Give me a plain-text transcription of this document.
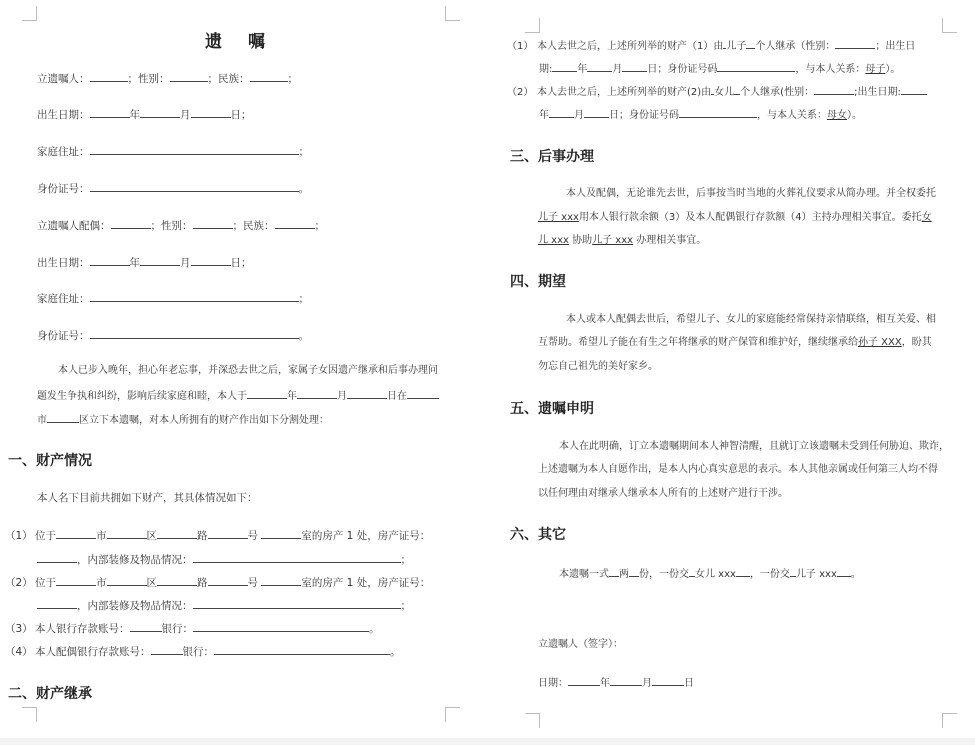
遗 嘱
立遗嘱人：	；性别：	；民族：	；
出生日期：	年	月	日；
家庭住址：	；
身份证号：	。
立遗嘱人配偶：	；性别：	；民族：	；
出生日期：	年	月	日；
家庭住址：	；
身份证号：	。
本人已步入晚年，担心年老忘事，并深恐去世之后，家属子女因遗产继承和后事办理问
题发生争执和纠纷，影响后续家庭和睦，本人于	年	月	日在
市	区立下本遗嘱，对本人所拥有的财产作出如下分割处理：
一、财产情况
本人名下目前共拥如下财产，其具体情况如下：
（1） 位于	市	区	路	号	室的房产 1 处，房产证号：
，内部装修及物品情况：	；
（2） 位于	市	区	路	号	室的房产 1 处，房产证号：
，内部装修及物品情况：	；
（3） 本人银行存款账号：	银行：	。
（4） 本人配偶银行存款账号：	银行：	。
二、财产继承
（1） 本人去世之后，上述所列举的财产（1）由 儿子 个人继承（性别：	；出生日
期:	年	月	日；身份证号码	，与本人关系：母子）。
（2） 本人去世之后，上述所列举的财产(2)由 女儿 个人继承(性别：	;出生日期:
年	月	日；身份证号码	，与本人关系：母女）。
三、后事办理
本人及配偶，无论谁先去世，后事按当时当地的火葬礼仪要求从简办理。并全权委托
儿子 xxx用本人银行款余额（3）及本人配偶银行存款额（4）主持办理相关事宜。委托女
儿 xxx 协助儿子 xxx 办理相关事宜。
四、期望
本人或本人配偶去世后，希望儿子、女儿的家庭能经常保持亲情联络，相互关爱、相
互帮助。希望儿子能在有生之年将继承的财产保管和维护好，继续继承给孙子 XXX，盼其
勿忘自己祖先的美好家乡。
五、遗嘱申明
本人在此明确，订立本遗嘱期间本人神智清醒，且就订立该遗嘱未受到任何胁迫、欺诈，
上述遗嘱为本人自愿作出，是本人内心真实意思的表示。本人其他亲属或任何第三人均不得
以任何理由对继承人继承本人所有的上述财产进行干涉。
六、其它
本遗嘱一式 两 份，一份交 女儿 xxx ，一份交 儿子 xxx 。
立遗嘱人（签字）：
日期：	年	月	日
